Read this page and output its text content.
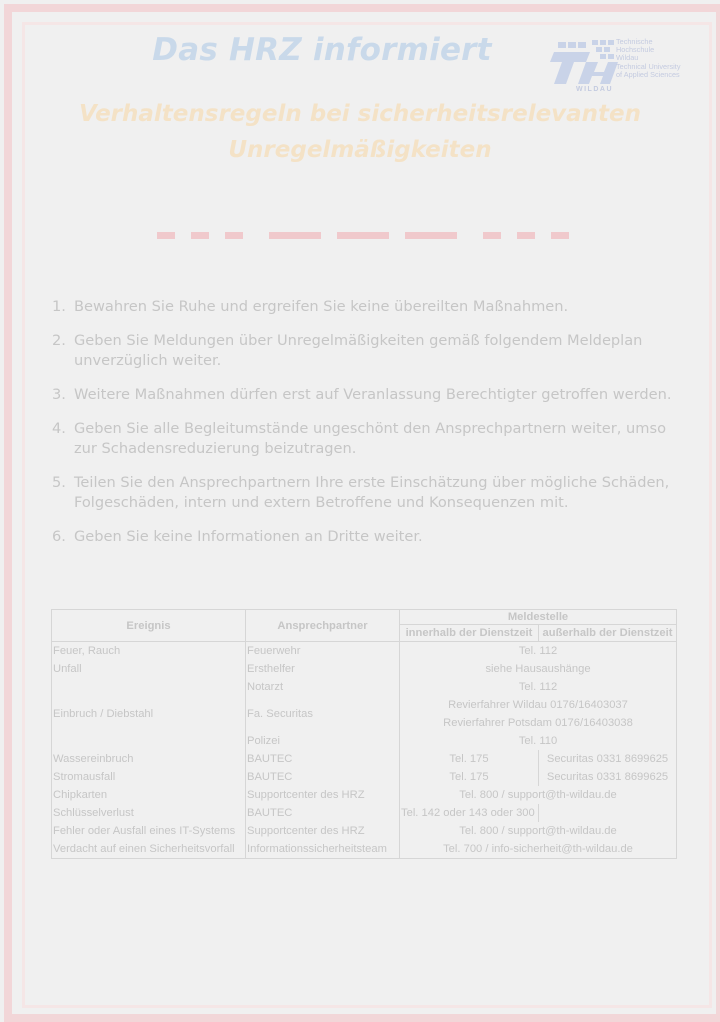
Das HRZ informiert	Technische
Hochschule
Wildau
Technical University
of Applied Sciences
WILDAU
Verhaltensregeln bei sicherheitsrelevanten
Unregelmäßigkeiten
1. Bewahren Sie Ruhe und ergreifen Sie keine übereilten Maßnahmen.
2. Geben Sie Meldungen über Unregelmäßigkeiten gemäß folgendem Meldeplan unverzüglich weiter.
3. Weitere Maßnahmen dürfen erst auf Veranlassung Berechtigter getroffen werden.
4. Geben Sie alle Begleitumstände ungeschönt den Ansprechpartnern weiter, umso zur Schadensreduzierung beizutragen.
5. Teilen Sie den Ansprechpartnern Ihre erste Einschätzung über mögliche Schäden, Folgeschäden, intern und extern Betroffene und Konsequenzen mit.
6. Geben Sie keine Informationen an Dritte weiter.
Ereignis	Ansprechpartner	Meldestelle	
		innerhalb der Dienstzeit	außerhalb der Dienstzeit
Feuer, Rauch	Feuerwehr	Tel. 112	
Unfall	Ersthelfer	siehe Hausaushänge	
	Notarzt	Tel. 112	
Einbruch / Diebstahl	Fa. Securitas	Revierfahrer Wildau 0176/16403037	
		Revierfahrer Potsdam 0176/16403038	
	Polizei	Tel. 110	
Wassereinbruch	BAUTEC	Tel. 175	Securitas 0331 8699625
Stromausfall	BAUTEC	Tel. 175	Securitas 0331 8699625
Chipkarten	Supportcenter des HRZ	Tel. 800 / support@th-wildau.de	
Schlüsselverlust	BAUTEC	Tel. 142 oder 143 oder 300	
Fehler oder Ausfall eines IT-Systems	Supportcenter des HRZ	Tel. 800 / support@th-wildau.de	
Verdacht auf einen Sicherheitsvorfall	Informationssicherheitsteam	Tel. 700 / info-sicherheit@th-wildau.de	
